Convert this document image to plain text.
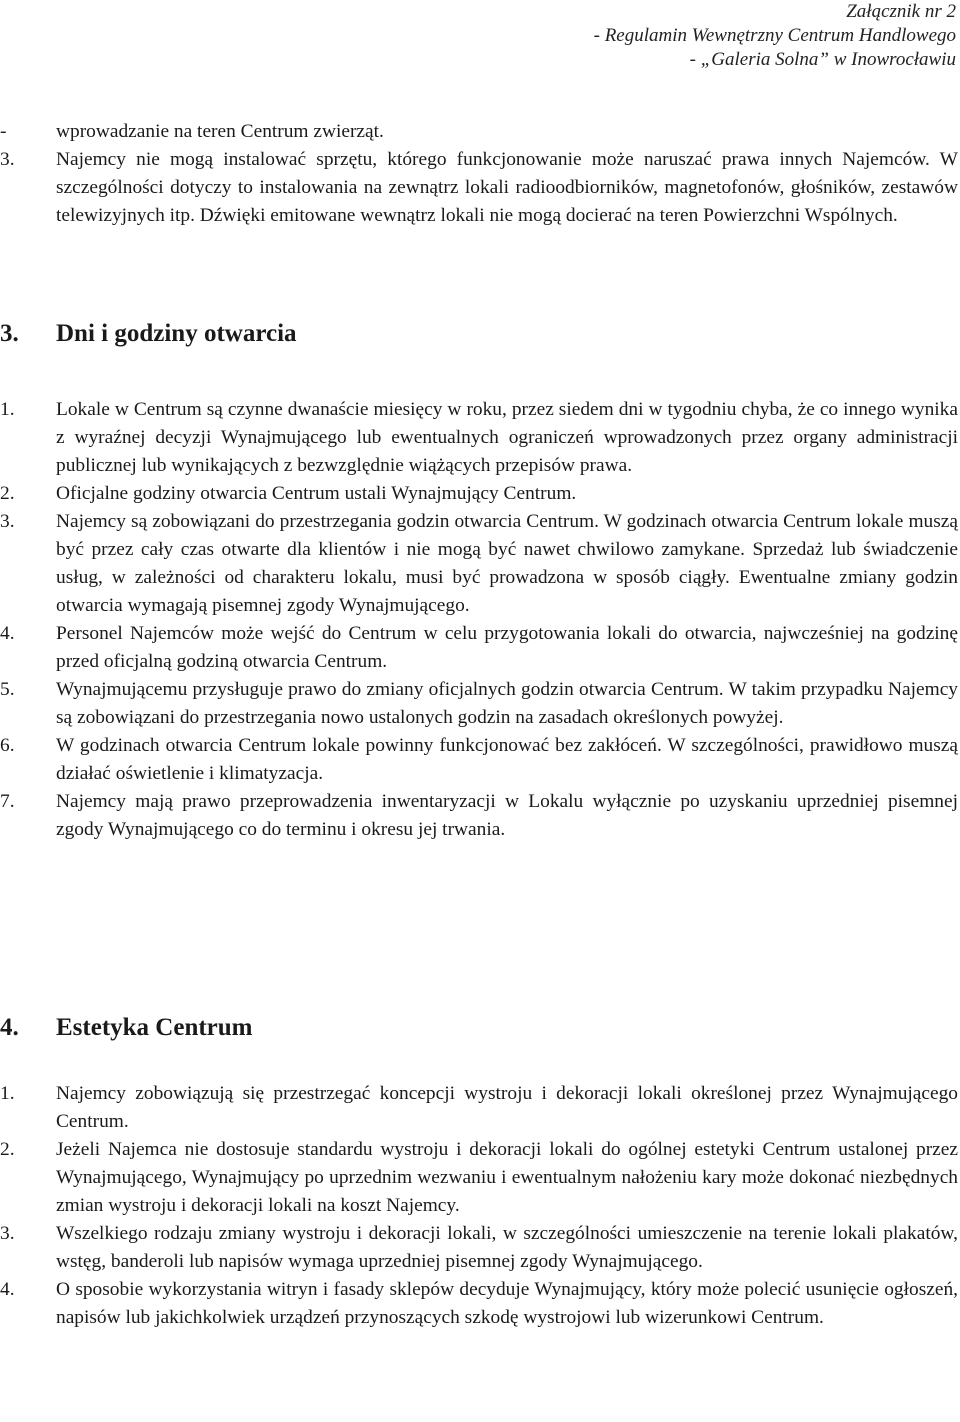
Załącznik nr 2
- Regulamin Wewnętrzny Centrum Handlowego
- „Galeria Solna” w Inowrocławiu
-	wprowadzanie na teren Centrum zwierząt.
3. Najemcy nie mogą instalować sprzętu, którego funkcjonowanie może naruszać prawa innych Najemców. W szczególności dotyczy to instalowania na zewnątrz lokali radioodbiorników, magnetofonów, głośników, zestawów telewizyjnych itp. Dźwięki emitowane wewnątrz lokali nie mogą docierać na teren Powierzchni Wspólnych.
3. Dni i godziny otwarcia
1. Lokale w Centrum są czynne dwanaście miesięcy w roku, przez siedem dni w tygodniu chyba, że co innego wynika z wyraźnej decyzji Wynajmującego lub ewentualnych ograniczeń wprowadzonych przez organy administracji publicznej lub wynikających z bezwzględnie wiążących przepisów prawa.
2. Oficjalne godziny otwarcia Centrum ustali Wynajmujący Centrum.
3. Najemcy są zobowiązani do przestrzegania godzin otwarcia Centrum. W godzinach otwarcia Centrum lokale muszą być przez cały czas otwarte dla klientów i nie mogą być nawet chwilowo zamykane. Sprzedaż lub świadczenie usług, w zależności od charakteru lokalu, musi być prowadzona w sposób ciągły. Ewentualne zmiany godzin otwarcia wymagają pisemnej zgody Wynajmującego.
4. Personel Najemców może wejść do Centrum w celu przygotowania lokali do otwarcia, najwcześniej na godzinę przed oficjalną godziną otwarcia Centrum.
5. Wynajmującemu przysługuje prawo do zmiany oficjalnych godzin otwarcia Centrum. W takim przypadku Najemcy są zobowiązani do przestrzegania nowo ustalonych godzin na zasadach określonych powyżej.
6. W godzinach otwarcia Centrum lokale powinny funkcjonować bez zakłóceń. W szczególności, prawidłowo muszą działać oświetlenie i klimatyzacja.
7. Najemcy mają prawo przeprowadzenia inwentaryzacji w Lokalu wyłącznie po uzyskaniu uprzedniej pisemnej zgody Wynajmującego co do terminu i okresu jej trwania.
4. Estetyka Centrum
1. Najemcy zobowiązują się przestrzegać koncepcji wystroju i dekoracji lokali określonej przez Wynajmującego Centrum.
2. Jeżeli Najemca nie dostosuje standardu wystroju i dekoracji lokali do ogólnej estetyki Centrum ustalonej przez Wynajmującego, Wynajmujący po uprzednim wezwaniu i ewentualnym nałożeniu kary może dokonać niezbędnych zmian wystroju i dekoracji lokali na koszt Najemcy.
3. Wszelkiego rodzaju zmiany wystroju i dekoracji lokali, w szczególności umieszczenie na terenie lokali plakatów, wstęg, banderoli lub napisów wymaga uprzedniej pisemnej zgody Wynajmującego.
4. O sposobie wykorzystania witryn i fasady sklepów decyduje Wynajmujący, który może polecić usunięcie ogłoszeń, napisów lub jakichkolwiek urządzeń przynoszących szkodę wystrojowi lub wizerunkowi Centrum.
